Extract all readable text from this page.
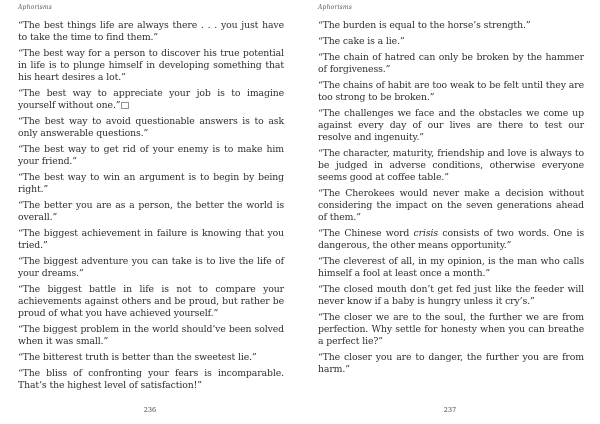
Aphorisms

“The best things life are always there . . . you just have to take the time to find them.”

“The best way for a person to discover his true potential in life is to plunge himself in developing something that his heart desires a lot.”

“The best way to appreciate your job is to imagine yourself without one.”□

“The best way to avoid questionable answers is to ask only answerable questions.”

“The best way to get rid of your enemy is to make him your friend.”

“The best way to win an argument is to begin by being right.”

“The better you are as a person, the better the world is overall.”

“The biggest achievement in failure is knowing that you tried.”

“The biggest adventure you can take is to live the life of your dreams.”

“The biggest battle in life is not to compare your achievements against others and be proud, but rather be proud of what you have achieved yourself.”

“The biggest problem in the world should’ve been solved when it was small.”

“The bitterest truth is better than the sweetest lie.”

“The bliss of confronting your fears is incomparable. That’s the highest level of satisfaction!”

236
Aphorisms

“The burden is equal to the horse’s strength.”

“The cake is a lie.”

“The chain of hatred can only be broken by the hammer of forgiveness.”

“The chains of habit are too weak to be felt until they are too strong to be broken.”

“The challenges we face and the obstacles we come up against every day of our lives are there to test our resolve and ingenuity.”

“The character, maturity, friendship and love is always to be judged in adverse conditions, otherwise everyone seems good at coffee table.”

“The Cherokees would never make a decision without considering the impact on the seven generations ahead of them.”

“The Chinese word crisis consists of two words. One is dangerous, the other means opportunity.”

“The cleverest of all, in my opinion, is the man who calls himself a fool at least once a month.”

“The closed mouth don’t get fed just like the feeder will never know if a baby is hungry unless it cry’s.”

“The closer we are to the soul, the further we are from perfection. Why settle for honesty when you can breathe a perfect lie?”

“The closer you are to danger, the further you are from harm.”

237
